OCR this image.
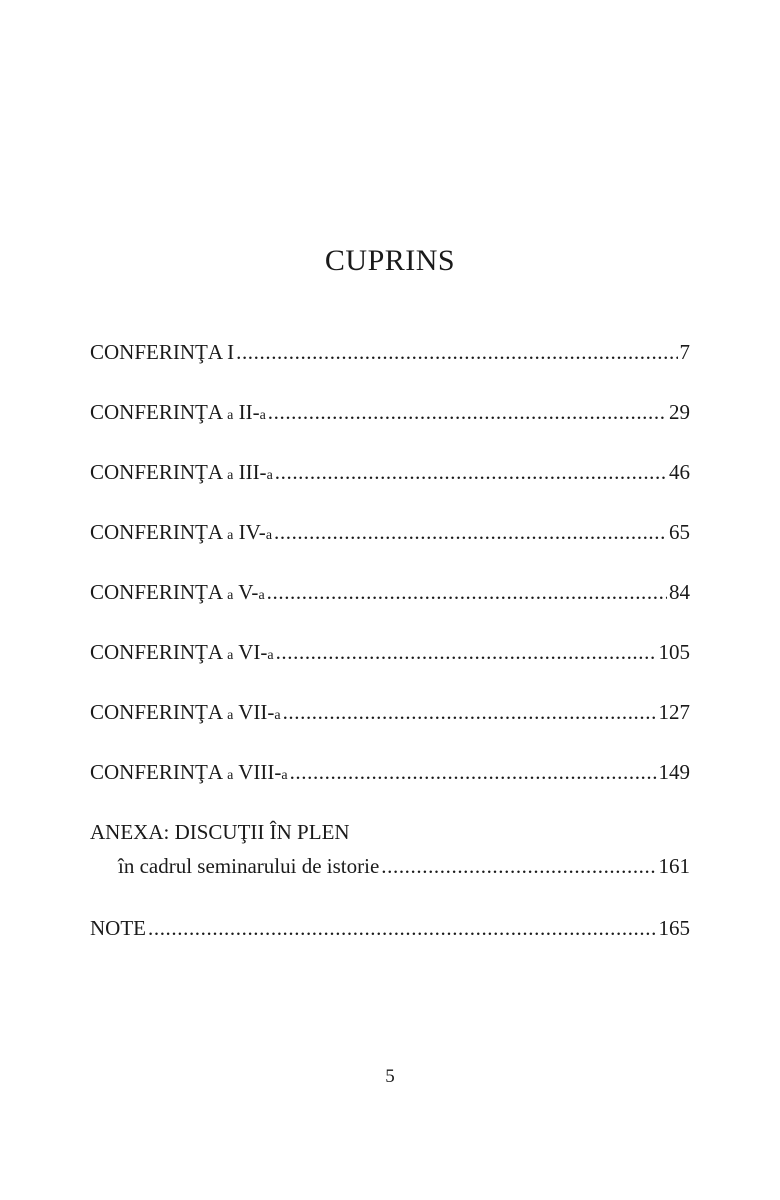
CUPRINS
CONFERINŢA I .....	7
CONFERINŢA a II-a .....	29
CONFERINŢA a III-a .....	46
CONFERINŢA a IV-a .....	65
CONFERINŢA a V-a .....	84
CONFERINŢA a VI-a .....	105
CONFERINŢA a VII-a .....	127
CONFERINŢA a VIII-a .....	149
ANEXA: DISCUŢII ÎN PLEN
în cadrul seminarului de istorie .....	161
NOTE .....	165

5
